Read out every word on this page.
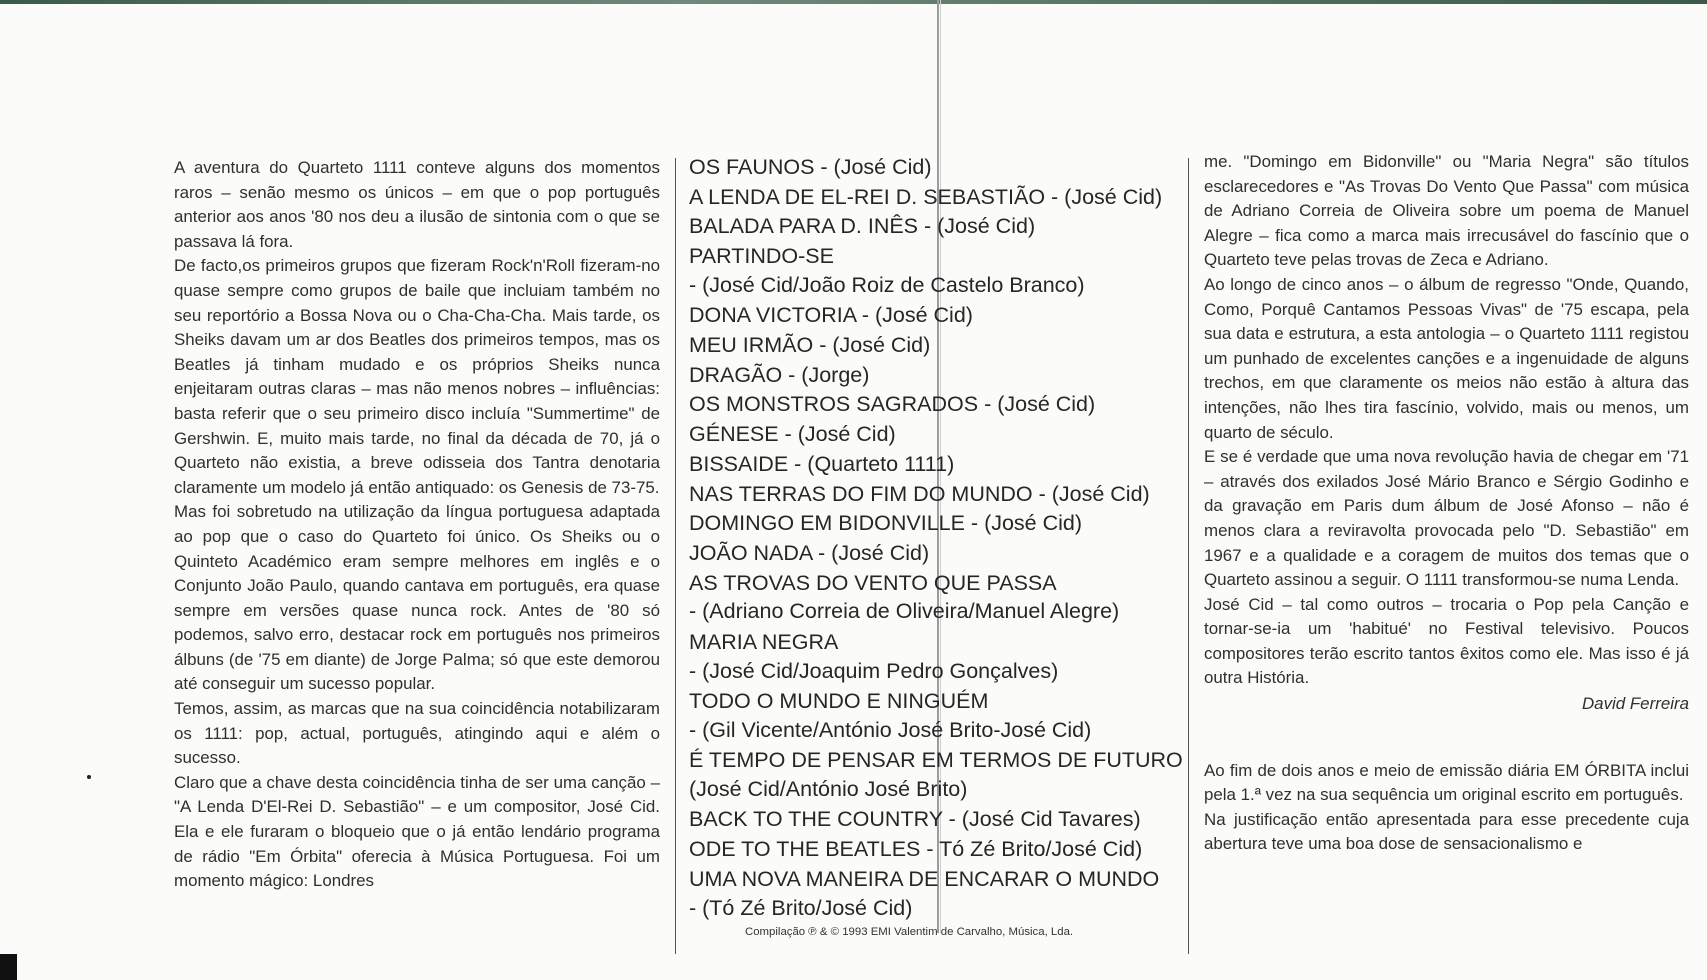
A aventura do Quarteto 1111 conteve alguns dos momentos raros – senão mesmo os únicos – em que o pop português anterior aos anos '80 nos deu a ilusão de sintonia com o que se passava lá fora.

De facto,os primeiros grupos que fizeram Rock'n'Roll fizeram-no quase sempre como grupos de baile que incluiam também no seu reportório a Bossa Nova ou o Cha-Cha-Cha. Mais tarde, os Sheiks davam um ar dos Beatles dos primeiros tempos, mas os Beatles já tinham mudado e os próprios Sheiks nunca enjeitaram outras claras – mas não menos nobres – influências: basta referir que o seu primeiro disco incluía "Summertime" de Gershwin. E, muito mais tarde, no final da década de 70, já o Quarteto não existia, a breve odisseia dos Tantra denotaria claramente um modelo já então antiquado: os Genesis de 73-75.

Mas foi sobretudo na utilização da língua portuguesa adaptada ao pop que o caso do Quarteto foi único. Os Sheiks ou o Quinteto Académico eram sempre melhores em inglês e o Conjunto João Paulo, quando cantava em português, era quase sempre em versões quase nunca rock. Antes de '80 só podemos, salvo erro, destacar rock em português nos primeiros álbuns (de '75 em diante) de Jorge Palma; só que este demorou até conseguir um sucesso popular.

Temos, assim, as marcas que na sua coincidência notabilizaram os 1111: pop, actual, português, atingindo aqui e além o sucesso.

Claro que a chave desta coincidência tinha de ser uma canção – "A Lenda D'El-Rei D. Sebastião" – e um compositor, José Cid. Ela e ele furaram o bloqueio que o já então lendário programa de rádio "Em Órbita" oferecia à Música Portuguesa. Foi um momento mágico: Londres

OS FAUNOS - (José Cid)
A LENDA DE EL-REI D. SEBASTIÃO - (José Cid)
BALADA PARA D. INÊS - (José Cid)
PARTINDO-SE
- (José Cid/João Roiz de Castelo Branco)
DONA VICTORIA - (José Cid)
MEU IRMÃO - (José Cid)
DRAGÃO - (Jorge)
OS MONSTROS SAGRADOS - (José Cid)
GÉNESE - (José Cid)
BISSAIDE - (Quarteto 1111)
NAS TERRAS DO FIM DO MUNDO - (José Cid)
DOMINGO EM BIDONVILLE - (José Cid)
JOÃO NADA - (José Cid)
AS TROVAS DO VENTO QUE PASSA
- (Adriano Correia de Oliveira/Manuel Alegre)
MARIA NEGRA
- (José Cid/Joaquim Pedro Gonçalves)
TODO O MUNDO E NINGUÉM
- (Gil Vicente/António José Brito-José Cid)
É TEMPO DE PENSAR EM TERMOS DE FUTURO
(José Cid/António José Brito)
BACK TO THE COUNTRY - (José Cid Tavares)
ODE TO THE BEATLES - Tó Zé Brito/José Cid)
UMA NOVA MANEIRA DE ENCARAR O MUNDO
- (Tó Zé Brito/José Cid)
Compilação ℗ & © 1993 EMI Valentim de Carvalho, Música, Lda.

me. "Domingo em Bidonville" ou "Maria Negra" são títulos esclarecedores e "As Trovas Do Vento Que Passa" com música de Adriano Correia de Oliveira sobre um poema de Manuel Alegre – fica como a marca mais irrecusável do fascínio que o Quarteto teve pelas trovas de Zeca e Adriano.

Ao longo de cinco anos – o álbum de regresso "Onde, Quando, Como, Porquê Cantamos Pessoas Vivas" de '75 escapa, pela sua data e estrutura, a esta antologia – o Quarteto 1111 registou um punhado de excelentes canções e a ingenuidade de alguns trechos, em que claramente os meios não estão à altura das intenções, não lhes tira fascínio, volvido, mais ou menos, um quarto de século.

E se é verdade que uma nova revolução havia de chegar em '71 – através dos exilados José Mário Branco e Sérgio Godinho e da gravação em Paris dum álbum de José Afonso – não é menos clara a reviravolta provocada pelo "D. Sebastião" em 1967 e a qualidade e a coragem de muitos dos temas que o Quarteto assinou a seguir. O 1111 transformou-se numa Lenda.

José Cid – tal como outros – trocaria o Pop pela Canção e tornar-se-ia um 'habitué' no Festival televisivo. Poucos compositores terão escrito tantos êxitos como ele. Mas isso é já outra História.

David Ferreira

Ao fim de dois anos e meio de emissão diária EM ÓRBITA inclui pela 1.ª vez na sua sequência um original escrito em português.

Na justificação então apresentada para esse precedente cuja abertura teve uma boa dose de sensacionalismo e
